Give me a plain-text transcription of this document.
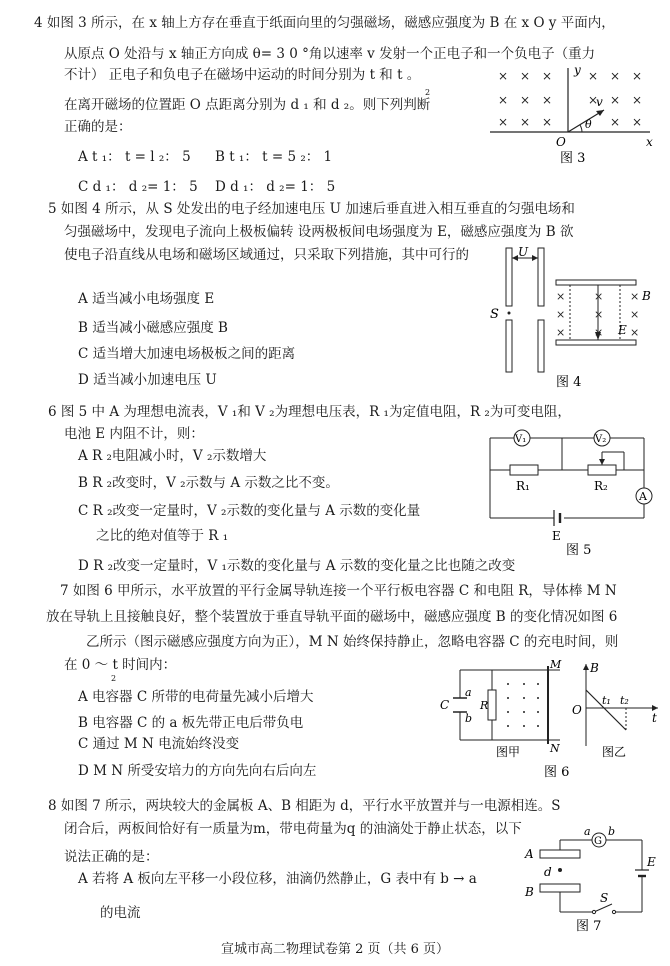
4 如图 3 所示，在 x 轴上方存在垂直于纸面向里的匀强磁场，磁感应强度为 B 在 x O y 平面内，
从原点 O 处沿与 x 轴正方向成 θ= 3 0 °角以速率 v 发射一个正电子和一个负电子（重力
不计） 正电子和负电子在磁场中运动的时间分别为 t 和 t 。
2
在离开磁场的位置距 O 点距离分别为 d ₁ 和 d ₂。则下列判断
正确的是：
A t ₁： t = l ₂： 5 B t ₁： t = 5 ₂： 1
C d ₁： d ₂= 1： 5 D d ₁： d ₂= 1： 5
× × ×	× × ×
× × ×	× × ×
× × ×	× ×
y
x
O
v
θ
图 3
5 如图 4 所示，从 S 处发出的电子经加速电压 U 加速后垂直进入相互垂直的匀强电场和
匀强磁场中，发现电子流向上极板偏转 设两极板间电场强度为 E，磁感应强度为 B 欲
使电子沿直线从电场和磁场区域通过，只采取下列措施，其中可行的
A 适当减小电场强度 E
B 适当减小磁感应强度 B
C 适当增大加速电场极板之间的距离
D 适当减小加速电压 U
U
S
×	× ×
×	× ×
×	× ×
B
E
图 4
6 图 5 中 A 为理想电流表，V ₁和 V ₂为理想电压表，R ₁为定值电阻，R ₂为可变电阻，
电池 E 内阻不计，则：
A R ₂电阻减小时，V ₂示数增大
B R ₂改变时，V ₂示数与 A 示数之比不变。
C R ₂改变一定量时，V ₂示数的变化量与 A 示数的变化量
之比的绝对值等于 R ₁
D R ₂改变一定量时，V ₁示数的变化量与 A 示数的变化量之比也随之改变
V₁	V₂
R₁	R₂
A
E
图 5
7 如图 6 甲所示，水平放置的平行金属导轨连接一个平行板电容器 C 和电阻 R，导体棒 M N
放在导轨上且接触良好，整个装置放于垂直导轨平面的磁场中，磁感应强度 B 的变化情况如图 6
乙所示（图示磁感应强度方向为正），M N 始终保持静止，忽略电容器 C 的充电时间，则
在 0 ～ t 时间内：
2
A 电容器 C 所带的电荷量先减小后增大
B 电容器 C 的 a 板先带正电后带负电
C 通过 M N 电流始终没变
D M N 所受安培力的方向先向右后向左
C
a
b
R
M
N
B
O
t
t₁ t₂
图甲	图乙
图 6
8 如图 7 所示，两块较大的金属板 A、B 相距为 d，平行水平放置并与一电源相连。S
闭合后，两板间恰好有一质量为m，带电荷量为q 的油滴处于静止状态，以下
说法正确的是：
A 若将 A 板向左平移一小段位移，油滴仍然静止，G 表中有 b → a
的电流
A
B
d
G
a b
E
S
图 7
宣城市高二物理试卷第 2 页（共 6 页）
